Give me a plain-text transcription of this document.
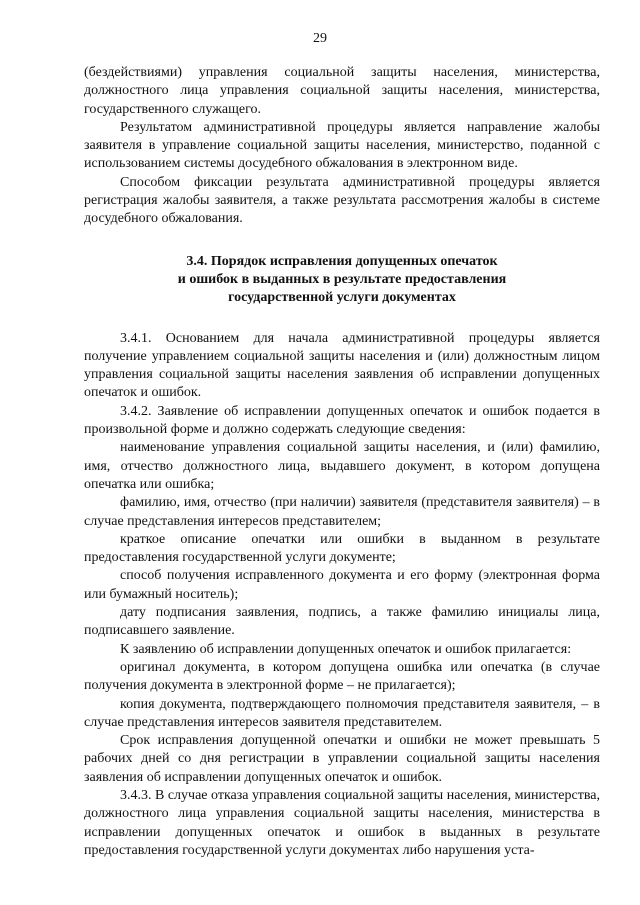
29

(бездействиями) управления социальной защиты населения, министерства, должностного лица управления социальной защиты населения, министерства, государственного служащего.

Результатом административной процедуры является направление жалобы заявителя в управление социальной защиты населения, министерство, поданной с использованием системы досудебного обжалования в электронном виде.

Способом фиксации результата административной процедуры является регистрация жалобы заявителя, а также результата рассмотрения жалобы в системе досудебного обжалования.

3.4. Порядок исправления допущенных опечаток
и ошибок в выданных в результате предоставления
государственной услуги документах

3.4.1. Основанием для начала административной процедуры является получение управлением социальной защиты населения и (или) должностным лицом управления социальной защиты населения заявления об исправлении допущенных опечаток и ошибок.

3.4.2. Заявление об исправлении допущенных опечаток и ошибок подается в произвольной форме и должно содержать следующие сведения:

наименование управления социальной защиты населения, и (или) фамилию, имя, отчество должностного лица, выдавшего документ, в котором допущена опечатка или ошибка;

фамилию, имя, отчество (при наличии) заявителя (представителя заявителя) – в случае представления интересов представителем;

краткое описание опечатки или ошибки в выданном в результате предоставления государственной услуги документе;

способ получения исправленного документа и его форму (электронная форма или бумажный носитель);

дату подписания заявления, подпись, а также фамилию инициалы лица, подписавшего заявление.

К заявлению об исправлении допущенных опечаток и ошибок прилагается:

оригинал документа, в котором допущена ошибка или опечатка (в случае получения документа в электронной форме – не прилагается);

копия документа, подтверждающего полномочия представителя заявителя, – в случае представления интересов заявителя представителем.

Срок исправления допущенной опечатки и ошибки не может превышать 5 рабочих дней со дня регистрации в управлении социальной защиты населения заявления об исправлении допущенных опечаток и ошибок.

3.4.3. В случае отказа управления социальной защиты населения, министерства, должностного лица управления социальной защиты населения, министерства в исправлении допущенных опечаток и ошибок в выданных в результате предоставления государственной услуги документах либо нарушения уста-
